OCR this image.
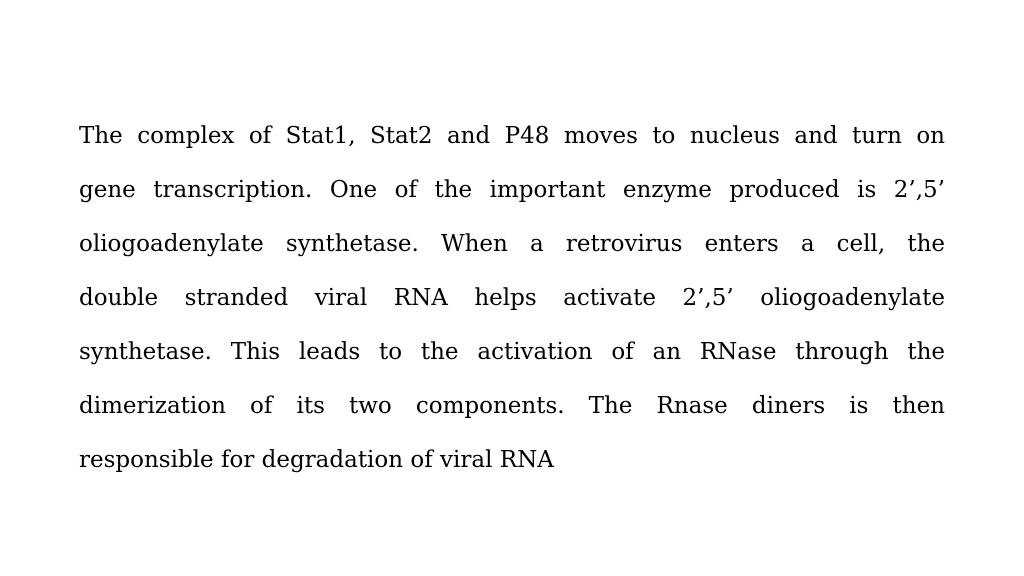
The complex of Stat1, Stat2 and P48 moves to nucleus and turn on
gene transcription. One of the important enzyme produced is 2’,5’
oliogoadenylate synthetase. When a retrovirus enters a cell, the
double stranded viral RNA helps activate 2’,5’ oliogoadenylate
synthetase. This leads to the activation of an RNase through the
dimerization of its two components. The Rnase diners is then
responsible for degradation of viral RNA
